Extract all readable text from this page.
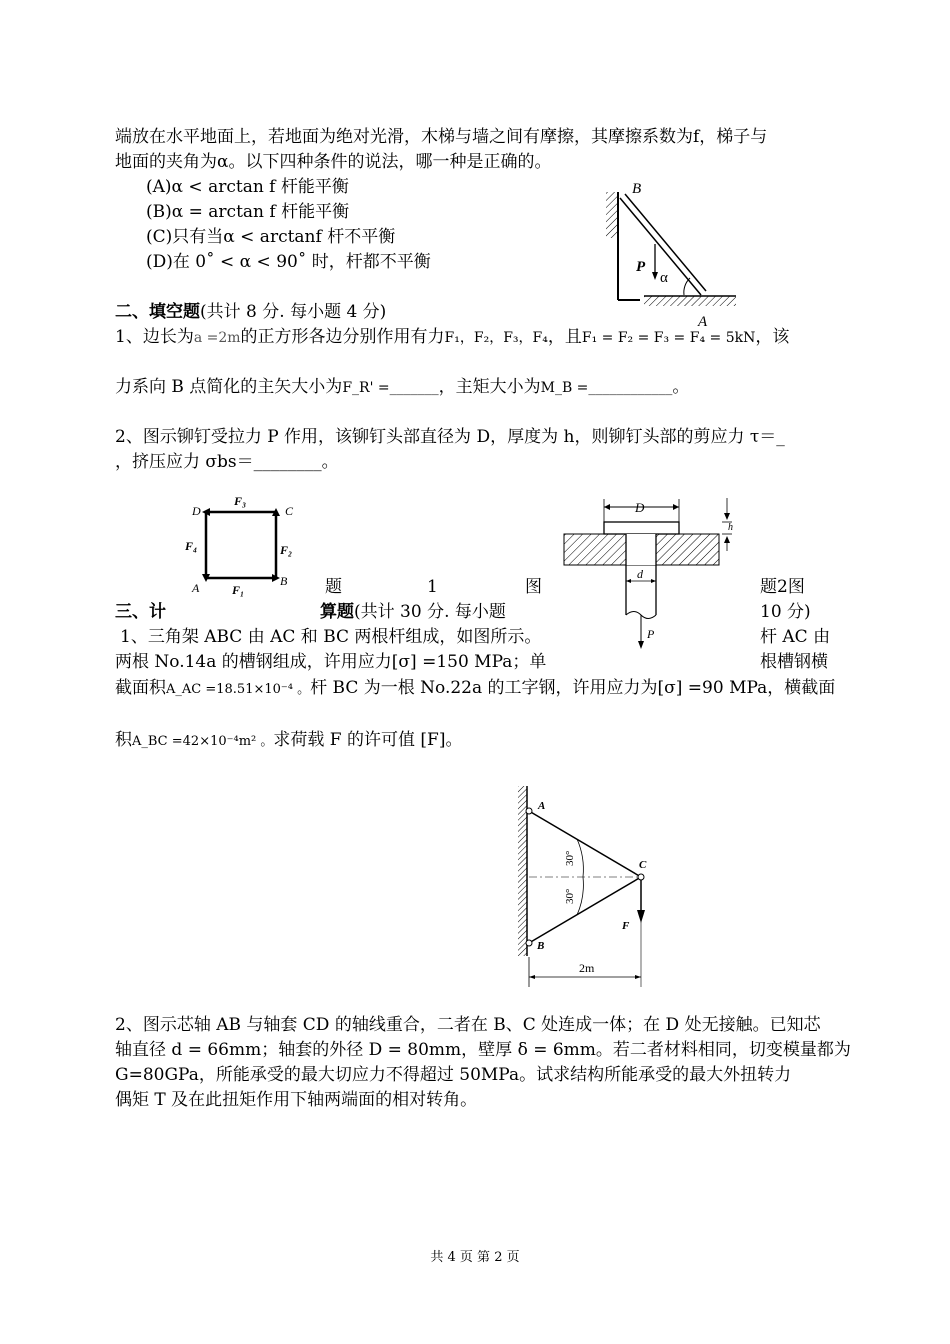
端放在水平地面上，若地面为绝对光滑，木梯与墙之间有摩擦，其摩擦系数为f，梯子与
地面的夹角为α。以下四种条件的说法，哪一种是正确的。
(A)α < arctan f 杆能平衡
(B)α = arctan f 杆能平衡
(C)只有当α < arctanf 杆不平衡
(D)在 0˚ < α < 90˚ 时，杆都不平衡
B
P
α
A
二、填空题(共计 8 分. 每小题 4 分)
1、边长为a =2m的正方形各边分别作用有力F₁，F₂，F₃，F₄，且F₁ = F₂ = F₃ = F₄ = 5kN，该
力系向 B 点简化的主矢大小为F_R' =_______，主矩大小为M_B =____________。
2、图示铆钉受拉力 P 作用，该铆钉头部直径为 D，厚度为 h，则铆钉头部的剪应力 τ＝_
，挤压应力 σbs＝________。
D	C
A	B
F₃
F₄	F₂
F₁
D
d
P
h
题	1	图	题2图
三、计	算题(共计 30 分. 每小题	10 分)
1、三角架 ABC 由 AC 和 BC 两根杆组成，如图所示。	杆 AC 由
两根 No.14a 的槽钢组成，许用应力[σ] =150 MPa；单	根槽钢横
截面积A_AC =18.51×10⁻⁴ 。杆 BC 为一根 No.22a 的工字钢，许用应力为[σ] =90 MPa，横截面
积A_BC =42×10⁻⁴m² 。求荷载 F 的许可值 [F]。
A
B
C
F
30°
30°
2m
2、图示芯轴 AB 与轴套 CD 的轴线重合，二者在 B、C 处连成一体；在 D 处无接触。已知芯
轴直径 d = 66mm；轴套的外径 D = 80mm，壁厚 δ = 6mm。若二者材料相同，切变模量都为
G=80GPa，所能承受的最大切应力不得超过 50MPa。试求结构所能承受的最大外扭转力
偶矩 T 及在此扭矩作用下轴两端面的相对转角。
共 4 页 第 2 页
